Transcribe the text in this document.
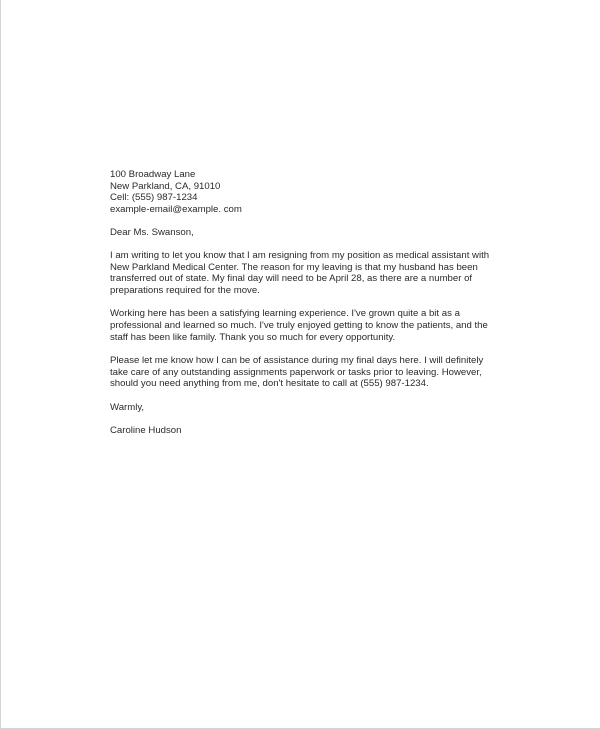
100 Broadway Lane
New Parkland, CA, 91010
Cell: (555) 987-1234
example-email@example. com
Dear Ms. Swanson,
I am writing to let you know that I am resigning from my position as medical assistant with
New Parkland Medical Center. The reason for my leaving is that my husband has been
transferred out of state. My final day will need to be April 28, as there are a number of
preparations required for the move.
Working here has been a satisfying learning experience. I've grown quite a bit as a
professional and learned so much. I've truly enjoyed getting to know the patients, and the
staff has been like family. Thank you so much for every opportunity.
Please let me know how I can be of assistance during my final days here. I will definitely
take care of any outstanding assignments paperwork or tasks prior to leaving. However,
should you need anything from me, don't hesitate to call at (555) 987-1234.
Warmly,
Caroline Hudson
